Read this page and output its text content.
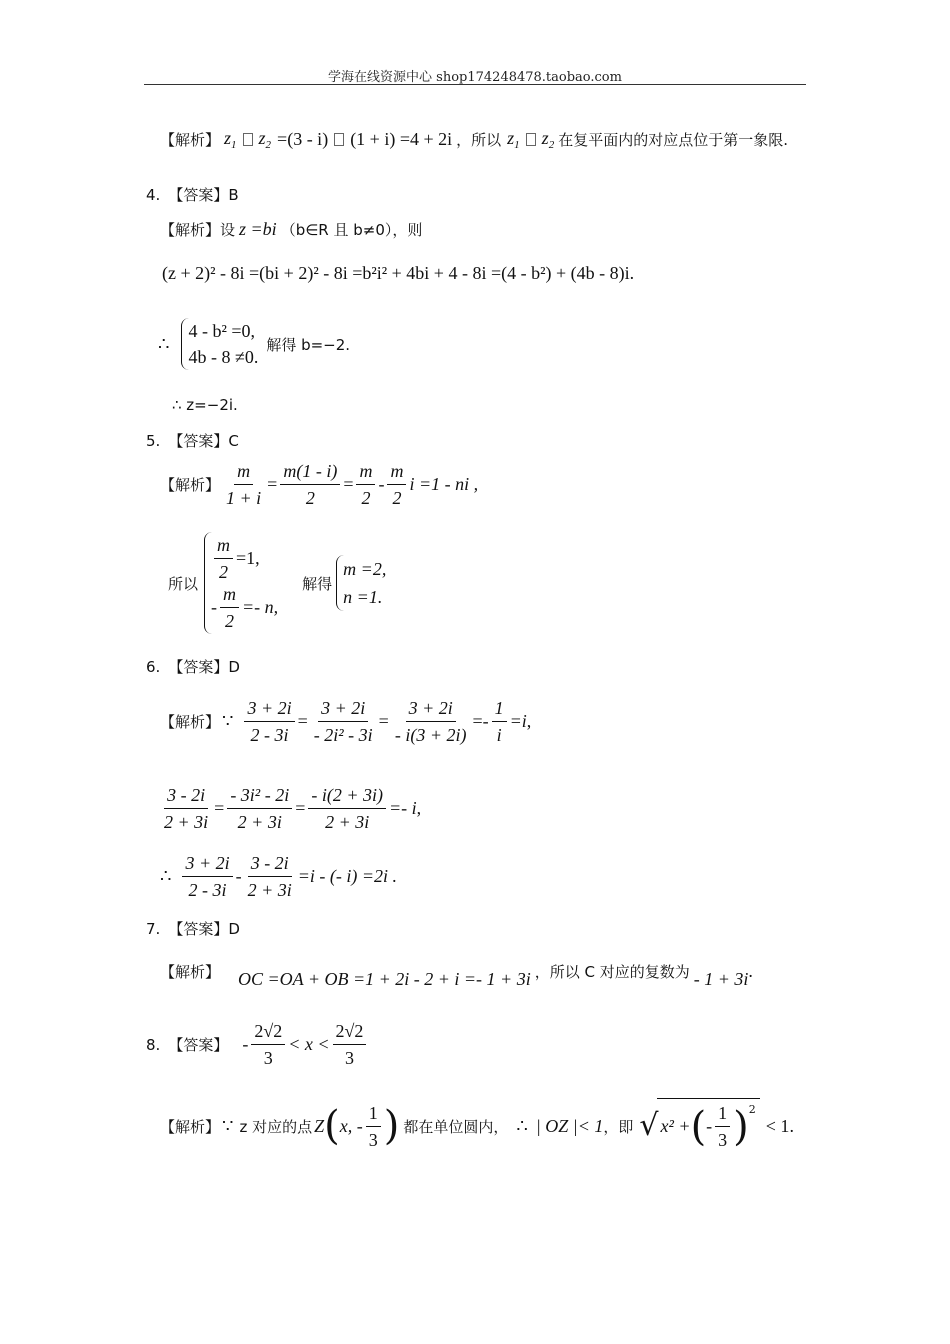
学海在线资源中心 shop174248478.taobao.com
【解析】 $z_1$ $z_2 =(3 - i) (1 + i) =4 + 2i$ ，所以 $z_1$ $z_2$ 在复平面内的对应点位于第一象限.
4. 【答案】 B
【解析】 设 z =bi （b∈R 且 b≠0），则
(z + 2)² - 8i =(bi + 2)² - 8i =b²i² + 4bi + 4 - 8i =(4 - b²) + (4b - 8)i .
∴
4 - b² =0,
4b - 8 ≠0.
解得 b=−2.
∴ z=−2i.
5. 【答案】 C
【解析】 $\frac{m}{1 + i} = \frac{m(1 - i)}{2} = \frac{m}{2} - \frac{m}{2}$ i =1 - ni ,
所以
$\frac{m}{2} =1$,
- $\frac{m}{2} =- n$,
解得
m =2,
n =1.
6. 【答案】 D
【解析】 ∵ $\frac{3 + 2i}{2 - 3i} = \frac{3 + 2i}{\text{- 2i² - 3i}} = \frac{3 + 2i}{- i(3 + 2i)} =- \frac{1}{i} =i$ ,
$\frac{3 - 2i}{2 + 3i} = \frac{\text{- 3i² - 2i}}{2 + 3i} = \frac{- i(2 + 3i)}{2 + 3i} =- i$ ,
∴ $\frac{3 + 2i}{2 - 3i} - \frac{3 - 2i}{2 + 3i} =i$ - (- i) =2i .
7. 【答案】 D
【解析】 OC =OA + OB =1 + 2i - 2 + i =- 1 + 3i ，所以 C 对应的复数为 - 1 + 3i .
8. 【答案】 - $\frac{2√2}{3} < x < \frac{2√2}{3}$
【解析】 ∵ z 对应的点 Z ( x, - $\frac{1}{3}$ ) 都在单位圆内， ∴ | OZ |< 1 ，即 √ x² + ( - $\frac{1}{3}$ ) 2
< 1 .
